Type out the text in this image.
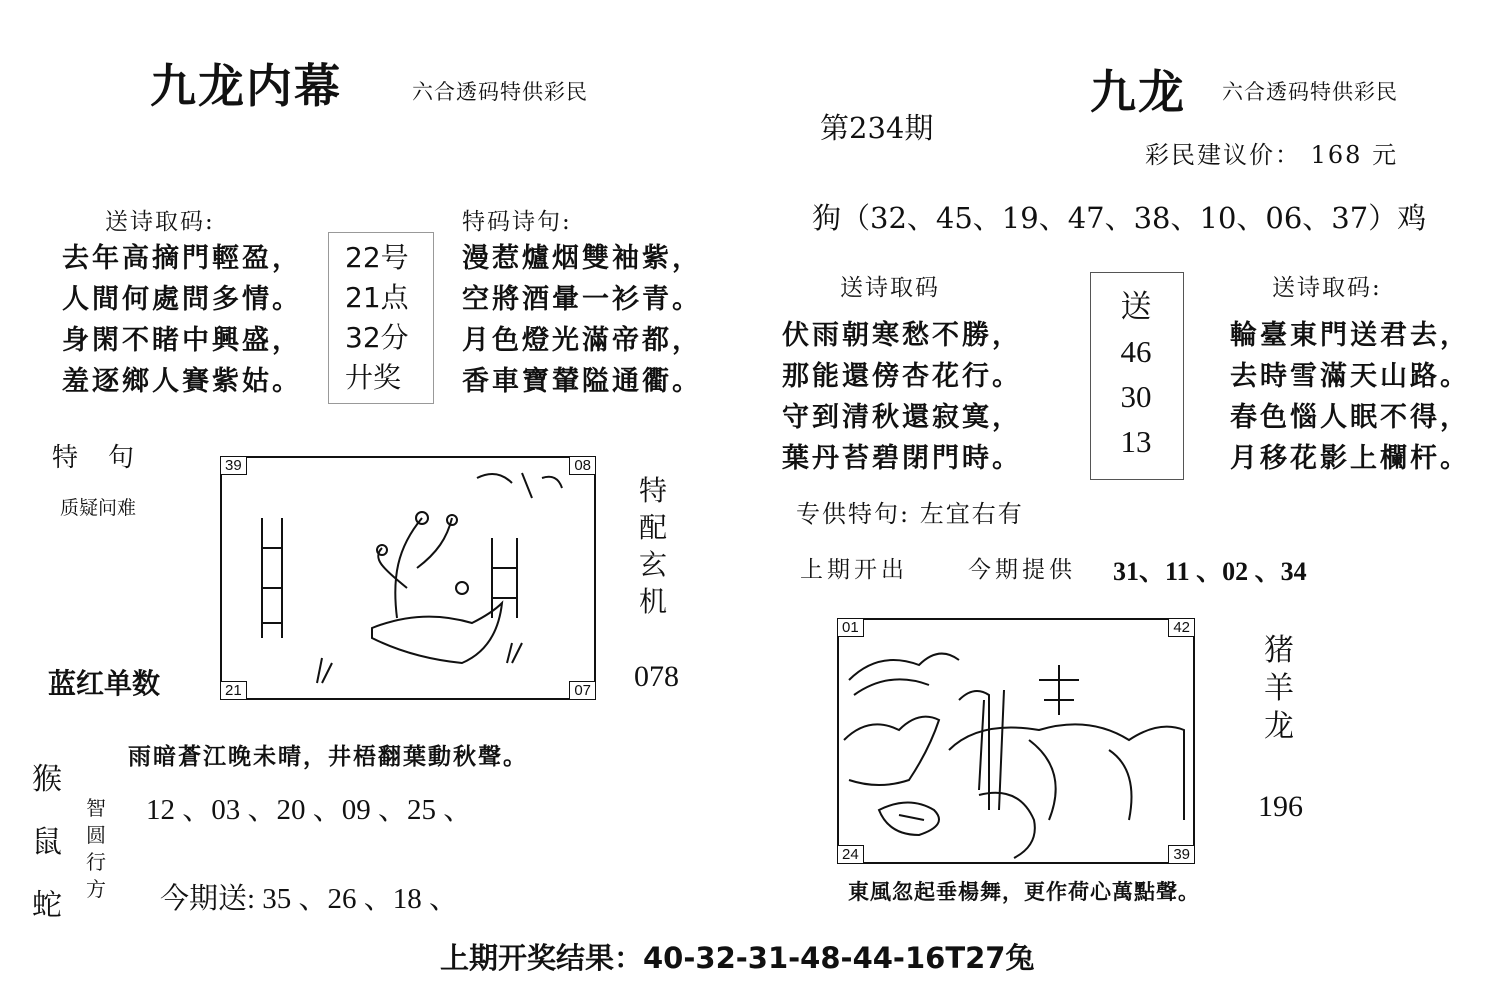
九龙内幕	六合透码特供彩民
送诗取码:
去年高摘門輕盈，
人間何處問多情。
身閑不睹中興盛，
羞逐鄉人賽紫姑。
22号
21点
32分
廾奖
特码诗句:
漫惹爐烟雙袖紫，
空將酒暈一衫青。
月色燈光滿帝都，
香車寶輦隘通衢。
特　句
质疑问难
39	08
21	07
特配玄机
蓝红单数	078
雨暗蒼江晚未晴，井梧翻葉動秋聲。
猴
鼠
蛇
智
圆
行
方
12 、03 、20 、09 、25 、
今期送: 35 、26 、18 、
九龙 六合透码特供彩民
第234期
彩民建议价： 168 元
狗（32、45、19、47、38、10、06、37）鸡
送诗取码
伏雨朝寒愁不勝，
那能還傍杏花行。
守到清秋還寂寞，
葉丹苔碧閉門時。
送
46
30
13
送诗取码:
輪臺東門送君去，
去時雪滿天山路。
春色惱人眠不得，
月移花影上欄杆。
专供特句: 左宜右有
上期开出	今期提供 31、11 、02 、34
01	42
24	39
猪
羊
龙
196
東風忽起垂楊舞，更作荷心萬點聲。
上期开奖结果：40-32-31-48-44-16T27兔
